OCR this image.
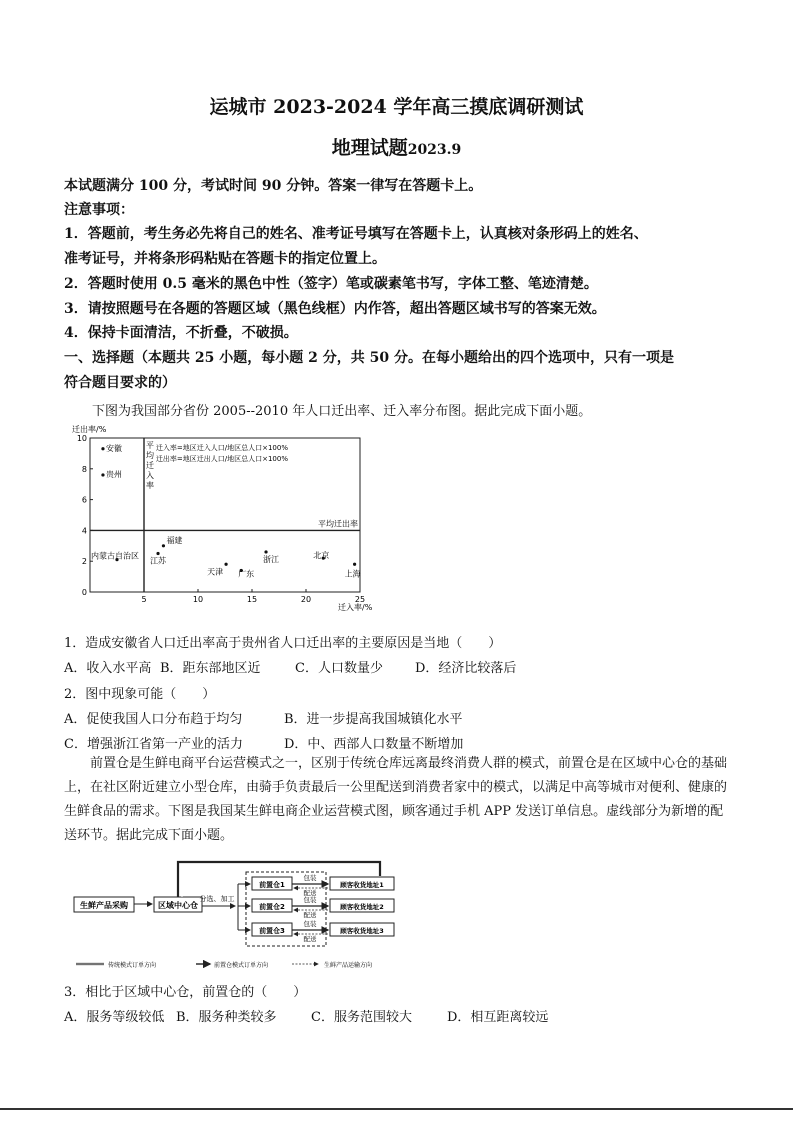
运城市 2023-2024 学年高三摸底调研测试
地理试题2023.9
本试题满分 100 分，考试时间 90 分钟。答案一律写在答题卡上。
注意事项：
1．答题前，考生务必先将自己的姓名、准考证号填写在答题卡上，认真核对条形码上的姓名、
准考证号，并将条形码粘贴在答题卡的指定位置上。
2．答题时使用 0.5 毫米的黑色中性（签字）笔或碳素笔书写，字体工整、笔迹清楚。
3．请按照题号在各题的答题区域（黑色线框）内作答，超出答题区域书写的答案无效。
4．保持卡面清洁，不折叠，不破损。
一、选择题（本题共 25 小题，每小题 2 分，共 50 分。在每小题给出的四个选项中，只有一项是
符合题目要求的）
下图为我国部分省份 2005--2010 年人口迁出率、迁入率分布图。据此完成下面小题。
迁出率/%
迁入率/%
5	10	15	20	25
0
2
4
6
8
10
平
均
迁
入
率
平均迁出率
迁入率=地区迁入人口/地区总人口×100%
迁出率=地区迁出人口/地区总人口×100%
安徽
贵州
内蒙古自治区
福建
江苏
天津 广东
浙江	北京
上海
1．造成安徽省人口迁出率高于贵州省人口迁出率的主要原因是当地（　　）
A．收入水平高 B．距东部地区近	C．人口数量少 D．经济比较落后
2．图中现象可能（　　）
A．促使我国人口分布趋于均匀	B．进一步提高我国城镇化水平
C．增强浙江省第一产业的活力	D．中、西部人口数量不断增加
前置仓是生鲜电商平台运营模式之一，区别于传统仓库远离最终消费人群的模式，前置仓是在区域中心仓的基础上，在社区附近建立小型仓库，由骑手负责最后一公里配送到消费者家中的模式，以满足中高等城市对便利、健康的生鲜食品的需求。下图是我国某生鲜电商企业运营模式图，顾客通过手机 APP 发送订单信息。虚线部分为新增的配送环节。据此完成下面小题。
生鲜产品采购	区域中心仓
分选、加工
前置仓1
包装
配送
顾客收货地址1
前置仓2
包装
配送
顾客收货地址2
前置仓3
包装
配送
顾客收货地址3
传统模式订单方向	前置仓模式订单方向	生鲜产品运输方向
3．相比于区域中心仓，前置仓的（　　）
A．服务等级较低 B．服务种类较多	C．服务范围较大	D．相互距离较远
